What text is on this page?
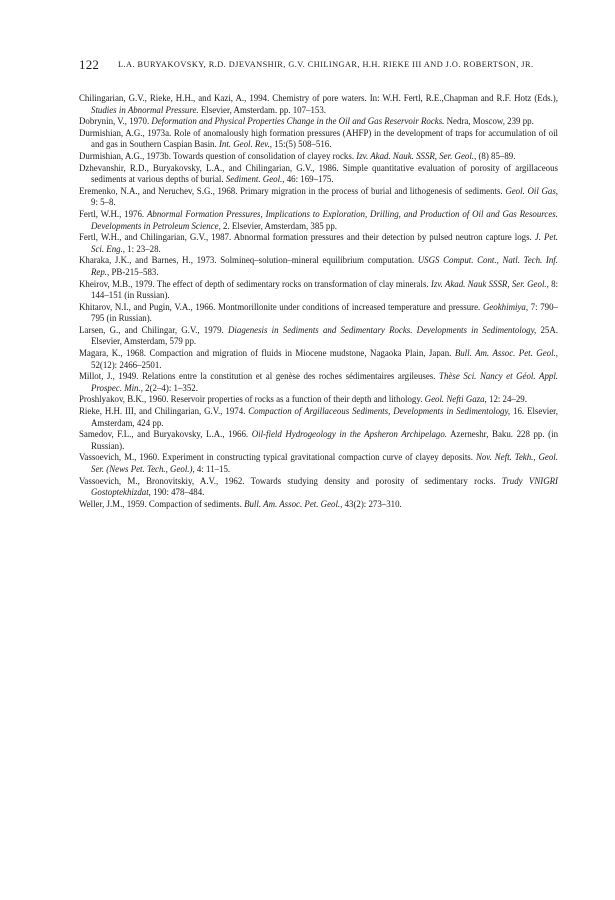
122 L.A. BURYAKOVSKY, R.D. DJEVANSHIR, G.V. CHILINGAR, H.H. RIEKE III AND J.O. ROBERTSON, JR.

Chilingarian, G.V., Rieke, H.H., and Kazi, A., 1994. Chemistry of pore waters. In: W.H. Fertl, R.E.,Chapman and R.F. Hotz (Eds.), Studies in Abnormal Pressure. Elsevier, Amsterdam. pp. 107–153.

Dobrynin, V., 1970. Deformation and Physical Properties Change in the Oil and Gas Reservoir Rocks. Nedra, Moscow, 239 pp.

Durmishian, A.G., 1973a. Role of anomalously high formation pressures (AHFP) in the development of traps for accumulation of oil and gas in Southern Caspian Basin. Int. Geol. Rev., 15:(5) 508–516.

Durmishian, A.G., 1973b. Towards question of consolidation of clayey rocks. Izv. Akad. Nauk. SSSR, Ser. Geol., (8) 85–89.

Dzhevanshir, R.D., Buryakovsky, L.A., and Chilingarian, G.V., 1986. Simple quantitative evaluation of porosity of argillaceous sediments at various depths of burial. Sediment. Geol., 46: 169–175.

Eremenko, N.A., and Neruchev, S.G., 1968. Primary migration in the process of burial and lithogenesis of sediments. Geol. Oil Gas, 9: 5–8.

Fertl, W.H., 1976. Abnormal Formation Pressures, Implications to Exploration, Drilling, and Production of Oil and Gas Resources. Developments in Petroleum Science, 2. Elsevier, Amsterdam, 385 pp.

Fertl, W.H., and Chilingarian, G.V., 1987. Abnormal formation pressures and their detection by pulsed neutron capture logs. J. Pet. Sci. Eng., 1: 23–28.

Kharaka, J.K., and Barnes, H., 1973. Solmineq–solution–mineral equilibrium computation. USGS Comput. Cont., Natl. Tech. Inf. Rep., PB-215–583.

Kheirov, M.B., 1979. The effect of depth of sedimentary rocks on transformation of clay minerals. Izv. Akad. Nauk SSSR, Ser. Geol., 8: 144–151 (in Russian).

Khitarov, N.I., and Pugin, V.A., 1966. Montmorillonite under conditions of increased temperature and pressure. Geokhimiya, 7: 790–795 (in Russian).

Larsen, G., and Chilingar, G.V., 1979. Diagenesis in Sediments and Sedimentary Rocks. Developments in Sedimentology, 25A. Elsevier, Amsterdam, 579 pp.

Magara, K., 1968. Compaction and migration of fluids in Miocene mudstone, Nagaoka Plain, Japan. Bull. Am. Assoc. Pet. Geol., 52(12): 2466–2501.

Millot, J., 1949. Relations entre la constitution et al genèse des roches sédimentaires argileuses. Thèse Sci. Nancy et Géol. Appl. Prospec. Min., 2(2–4): 1–352.

Proshlyakov, B.K., 1960. Reservoir properties of rocks as a function of their depth and lithology. Geol. Nefti Gaza, 12: 24–29.

Rieke, H.H. III, and Chilingarian, G.V., 1974. Compaction of Argillaceous Sediments, Developments in Sedimentology, 16. Elsevier, Amsterdam, 424 pp.

Samedov, F.L., and Buryakovsky, L.A., 1966. Oil-field Hydrogeology in the Apsheron Archipelago. Azerneshr, Baku. 228 pp. (in Russian).

Vassoevich, M., 1960. Experiment in constructing typical gravitational compaction curve of clayey deposits. Nov. Neft. Tekh., Geol. Ser. (News Pet. Tech., Geol.), 4: 11–15.

Vassoevich, M., Bronovitskiy, A.V., 1962. Towards studying density and porosity of sedimentary rocks. Trudy VNIGRI Gostoptekhizdat, 190: 478–484.

Weller, J.M., 1959. Compaction of sediments. Bull. Am. Assoc. Pet. Geol., 43(2): 273–310.
